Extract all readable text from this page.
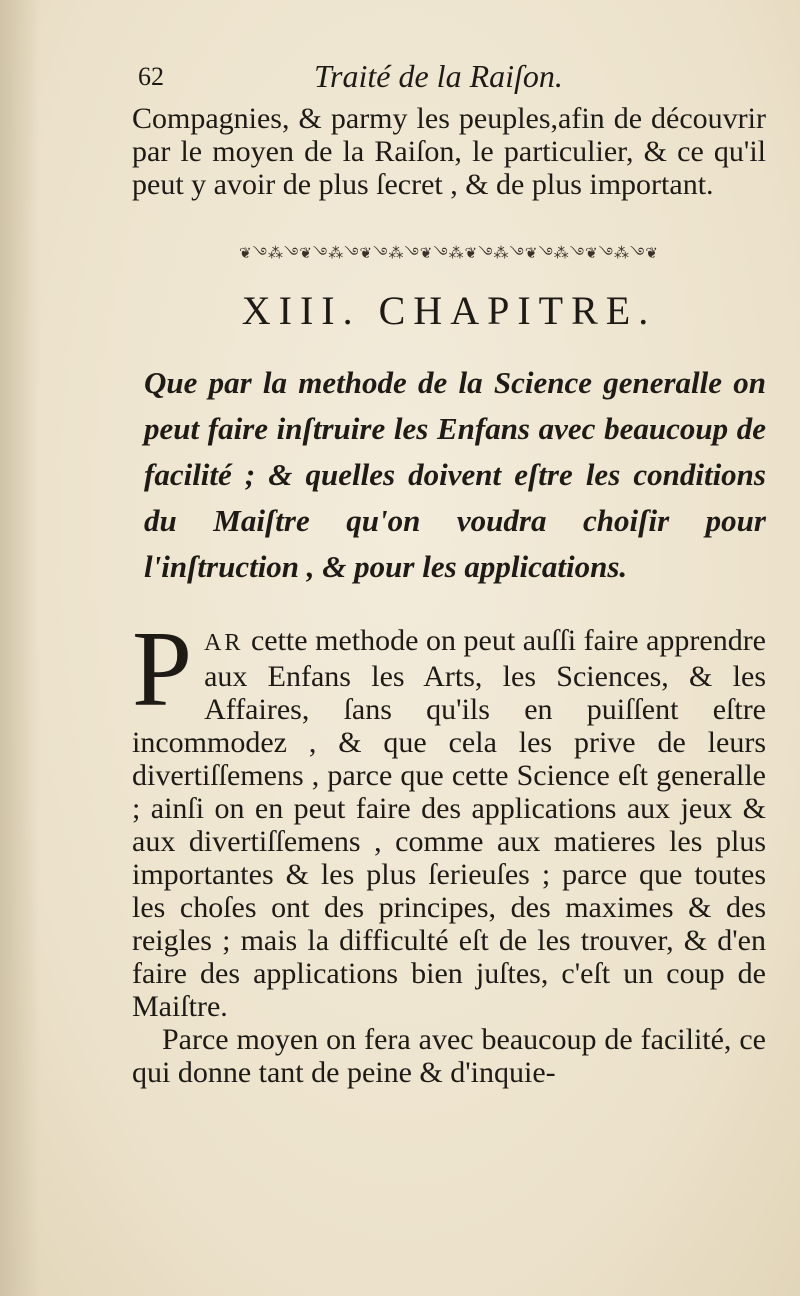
62	Traité de la Raiſon.

Compagnies, & parmy les peuples,afin de découvrir par le moyen de la Raiſon, le particulier, & ce qu'il peut y avoir de plus ſecret , & de plus important.

❦࿓⁂࿓❦࿓⁂࿓❦࿓⁂࿓❦࿓⁂❦࿓⁂࿓❦࿓⁂࿓❦࿓⁂࿓❦
XIII. CHAPITRE.

Que par la methode de la Science generalle on peut faire inſtruire les Enfans avec beaucoup de facilité ; & quelles doivent eſtre les conditions du Maiſtre qu'on voudra choiſir pour l'inſtruction , & pour les applications.

P AR cette methode on peut auſſi faire apprendre aux Enfans les Arts, les Sciences, & les Affaires, ſans qu'ils en puiſſent eſtre incommodez , & que cela les prive de leurs divertiſſemens , parce que cette Science eſt generalle ; ainſi on en peut faire des applications aux jeux & aux divertiſſemens , comme aux matieres les plus importantes & les plus ſerieuſes ; parce que toutes les choſes ont des principes, des maximes & des reigles ; mais la difficulté eſt de les trouver, & d'en faire des applications bien juſtes, c'eſt un coup de Maiſtre.

Parce moyen on fera avec beaucoup de facilité, ce qui donne tant de peine & d'inquie-
